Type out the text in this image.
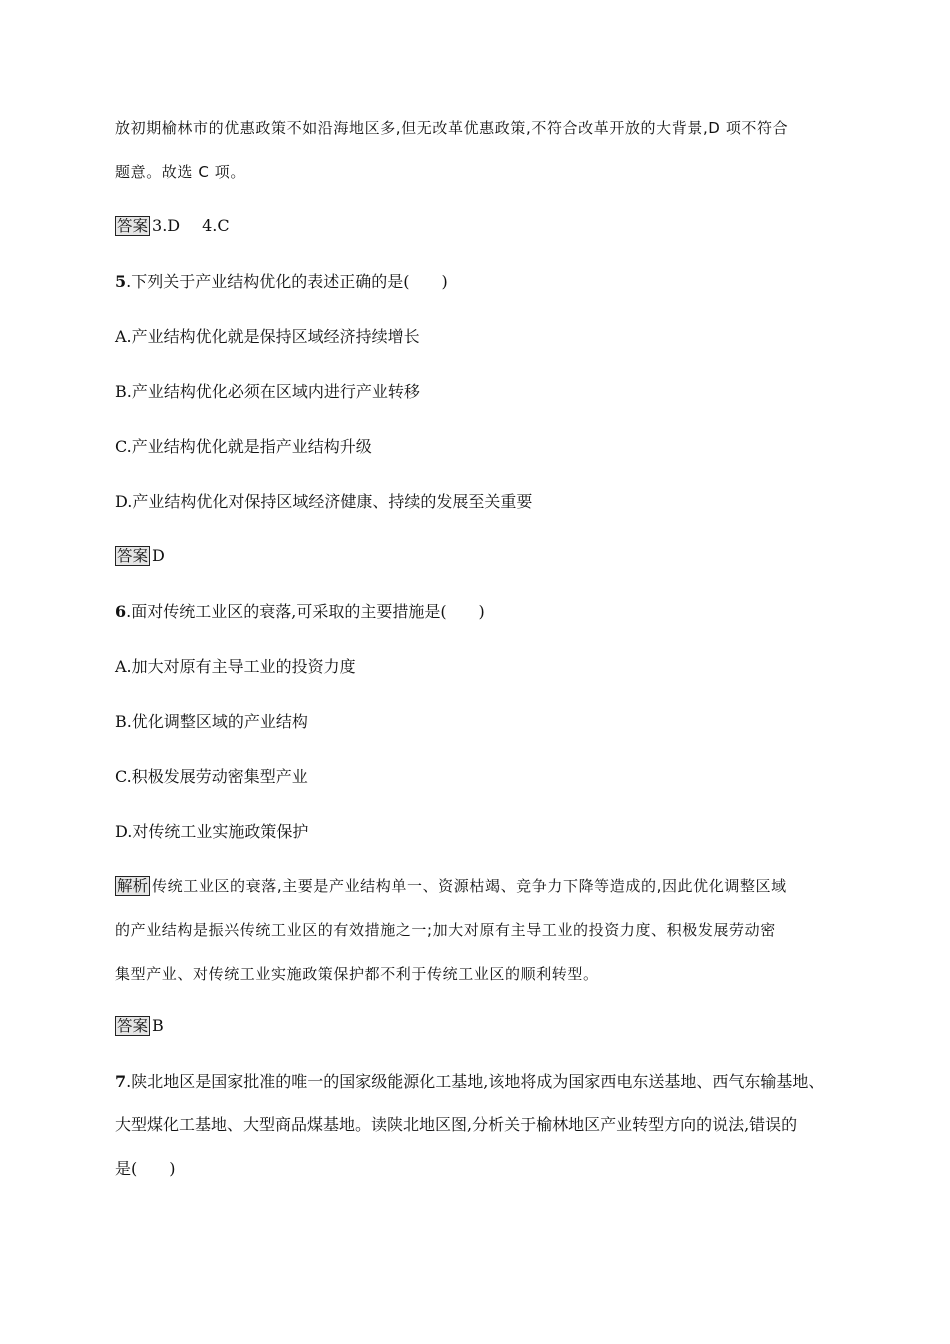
放初期榆林市的优惠政策不如沿海地区多,但无改革优惠政策,不符合改革开放的大背景,D 项不符合
题意。故选 C 项。
答案 3.D 4.C
5.下列关于产业结构优化的表述正确的是(　　)
A.产业结构优化就是保持区域经济持续增长
B.产业结构优化必须在区域内进行产业转移
C.产业结构优化就是指产业结构升级
D.产业结构优化对保持区域经济健康、持续的发展至关重要
答案 D
6.面对传统工业区的衰落,可采取的主要措施是(　　)
A.加大对原有主导工业的投资力度
B.优化调整区域的产业结构
C.积极发展劳动密集型产业
D.对传统工业实施政策保护
解析 传统工业区的衰落,主要是产业结构单一、资源枯竭、竞争力下降等造成的,因此优化调整区域
的产业结构是振兴传统工业区的有效措施之一;加大对原有主导工业的投资力度、积极发展劳动密
集型产业、对传统工业实施政策保护都不利于传统工业区的顺利转型。
答案 B
7.陕北地区是国家批准的唯一的国家级能源化工基地,该地将成为国家西电东送基地、西气东输基地、
大型煤化工基地、大型商品煤基地。读陕北地区图,分析关于榆林地区产业转型方向的说法,错误的
是(　　)
